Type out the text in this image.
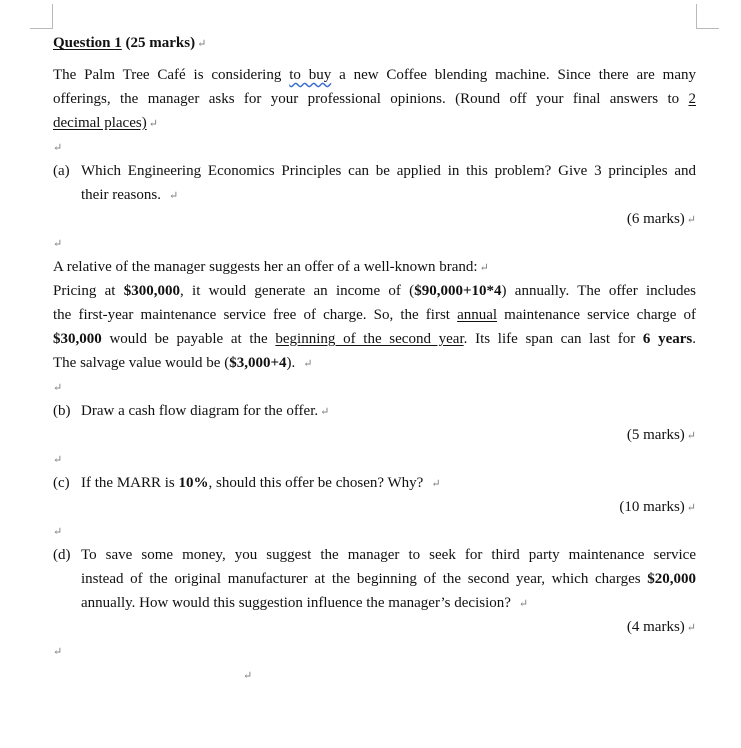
Question 1 (25 marks) ↵
The Palm Tree Café is considering to buy a new Coffee blending machine. Since there are many
offerings, the manager asks for your professional opinions. (Round off your final answers to 2
decimal places) ↵
↵
(a) Which Engineering Economics Principles can be applied in this problem? Give 3 principles and
their reasons. ↵
(6 marks) ↵
↵
A relative of the manager suggests her an offer of a well-known brand: ↵
Pricing at $300,000, it would generate an income of ($90,000+10*4) annually. The offer includes
the first-year maintenance service free of charge. So, the first annual maintenance service charge of
$30,000 would be payable at the beginning of the second year. Its life span can last for 6 years.
The salvage value would be ($3,000+4). ↵
↵
(b) Draw a cash flow diagram for the offer. ↵
(5 marks) ↵
↵
(c) If the MARR is 10%, should this offer be chosen? Why? ↵
(10 marks) ↵
↵
(d) To save some money, you suggest the manager to seek for third party maintenance service
instead of the original manufacturer at the beginning of the second year, which charges $20,000
annually. How would this suggestion influence the manager’s decision? ↵
(4 marks) ↵
↵
↵
